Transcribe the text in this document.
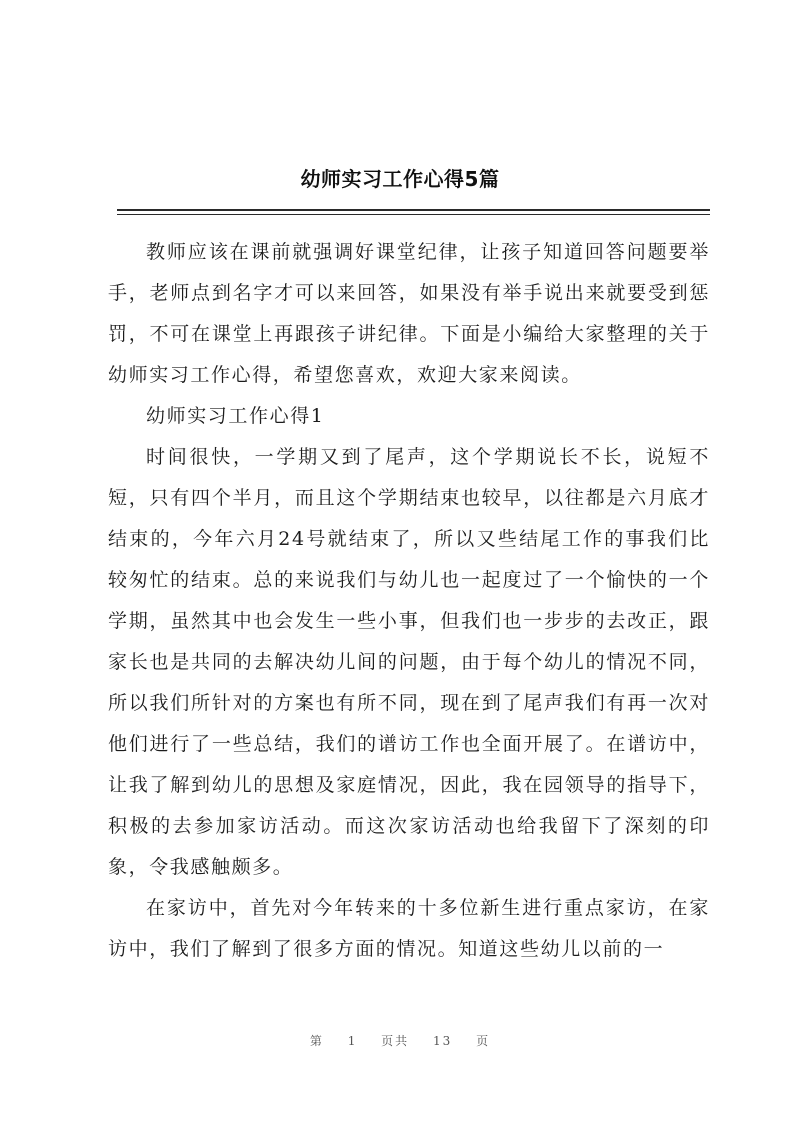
幼师实习工作心得5篇

教师应该在课前就强调好课堂纪律，让孩子知道回答问题要举手，老师点到名字才可以来回答，如果没有举手说出来就要受到惩罚，不可在课堂上再跟孩子讲纪律。下面是小编给大家整理的关于幼师实习工作心得，希望您喜欢，欢迎大家来阅读。

幼师实习工作心得1

时间很快，一学期又到了尾声，这个学期说长不长，说短不短，只有四个半月，而且这个学期结束也较早，以往都是六月底才结束的，今年六月24号就结束了，所以又些结尾工作的事我们比较匆忙的结束。总的来说我们与幼儿也一起度过了一个愉快的一个学期，虽然其中也会发生一些小事，但我们也一步步的去改正，跟家长也是共同的去解决幼儿间的问题，由于每个幼儿的情况不同，所以我们所针对的方案也有所不同，现在到了尾声我们有再一次对他们进行了一些总结，我们的谱访工作也全面开展了。在谱访中，让我了解到幼儿的思想及家庭情况，因此，我在园领导的指导下，积极的去参加家访活动。而这次家访活动也给我留下了深刻的印象，令我感触颇多。

在家访中，首先对今年转来的十多位新生进行重点家访，在家访中，我们了解到了很多方面的情况。知道这些幼儿以前的一

第 1 页共 13 页
